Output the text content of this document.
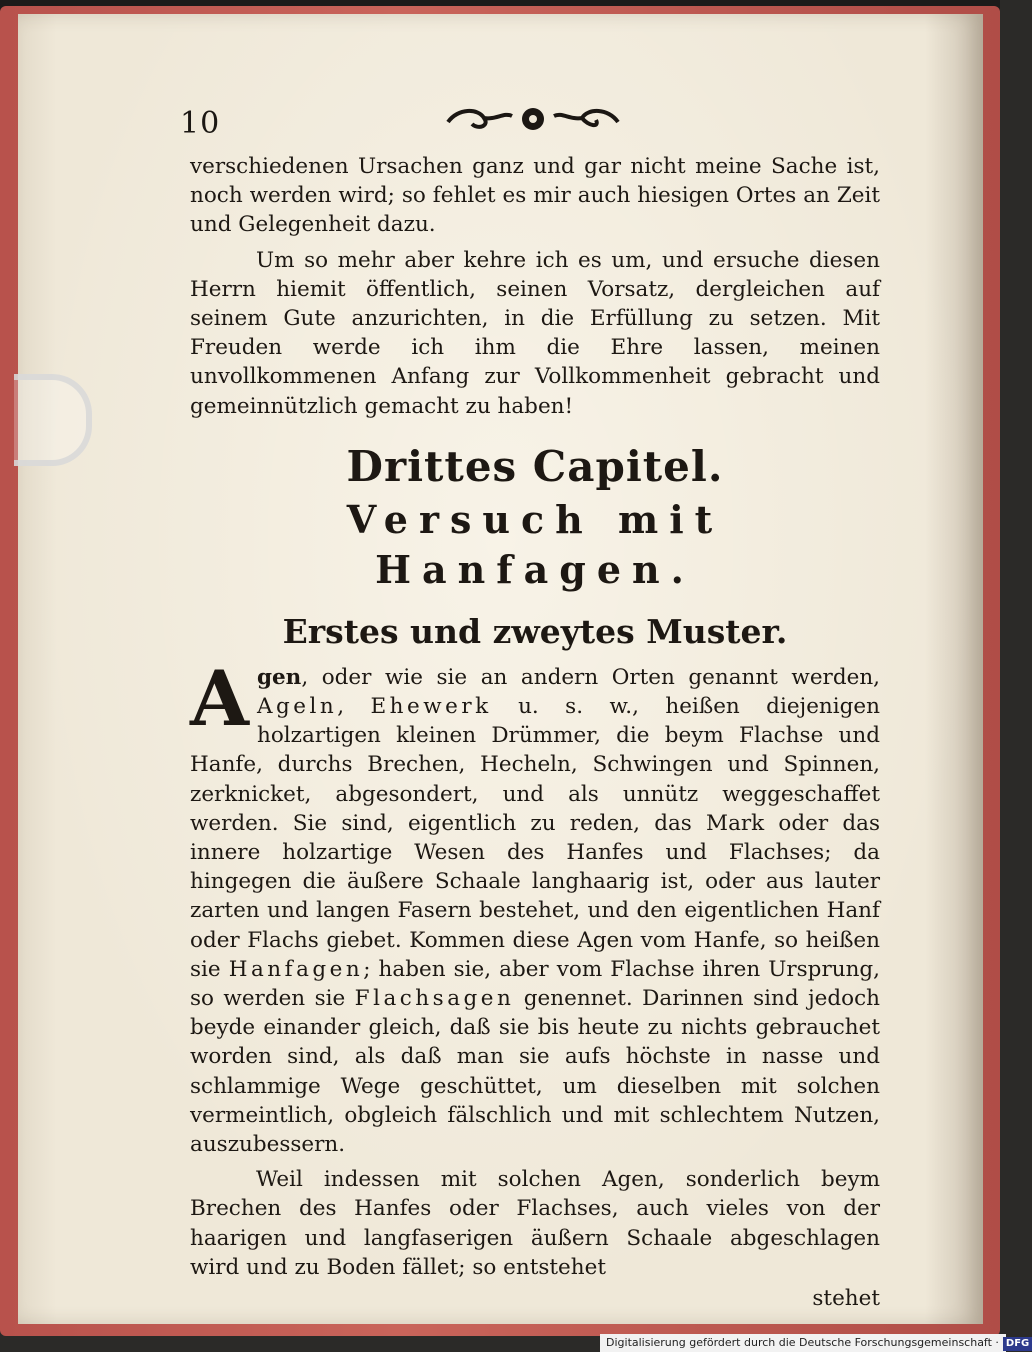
10

verschiedenen Ursachen ganz und gar nicht meine Sache ist, noch werden wird; so fehlet es mir auch hiesigen Ortes an Zeit und Gelegenheit dazu.

Um so mehr aber kehre ich es um, und ersuche diesen Herrn hiemit öffentlich, seinen Vorsatz, dergleichen auf seinem Gute anzurichten, in die Erfüllung zu setzen. Mit Freuden werde ich ihm die Ehre lassen, meinen unvollkommenen Anfang zur Vollkommenheit gebracht und gemeinnützlich gemacht zu haben!

Drittes Capitel.
Versuch mit Hanfagen.
Erstes und zweytes Muster.

Agen, oder wie sie an andern Orten genannt werden, Ageln, Ehewerk u. s. w., heißen diejenigen holzartigen kleinen Drümmer, die beym Flachse und Hanfe, durchs Brechen, Hecheln, Schwingen und Spinnen, zerknicket, abgesondert, und als unnütz weggeschaffet werden. Sie sind, eigentlich zu reden, das Mark oder das innere holzartige Wesen des Hanfes und Flachses; da hingegen die äußere Schaale langhaarig ist, oder aus lauter zarten und langen Fasern bestehet, und den eigentlichen Hanf oder Flachs giebet. Kommen diese Agen vom Hanfe, so heißen sie Hanfagen; haben sie, aber vom Flachse ihren Ursprung, so werden sie Flachsagen genennet. Darinnen sind jedoch beyde einander gleich, daß sie bis heute zu nichts gebrauchet worden sind, als daß man sie aufs höchste in nasse und schlammige Wege geschüttet, um dieselben mit solchen vermeintlich, obgleich fälschlich und mit schlechtem Nutzen, auszubessern.

Weil indessen mit solchen Agen, sonderlich beym Brechen des Hanfes oder Flachses, auch vieles von der haarigen und langfaserigen äußern Schaale abgeschlagen wird und zu Boden fället; so entstehet

stehet
Digitalisierung gefördert durch die Deutsche Forschungsgemeinschaft · DFG
